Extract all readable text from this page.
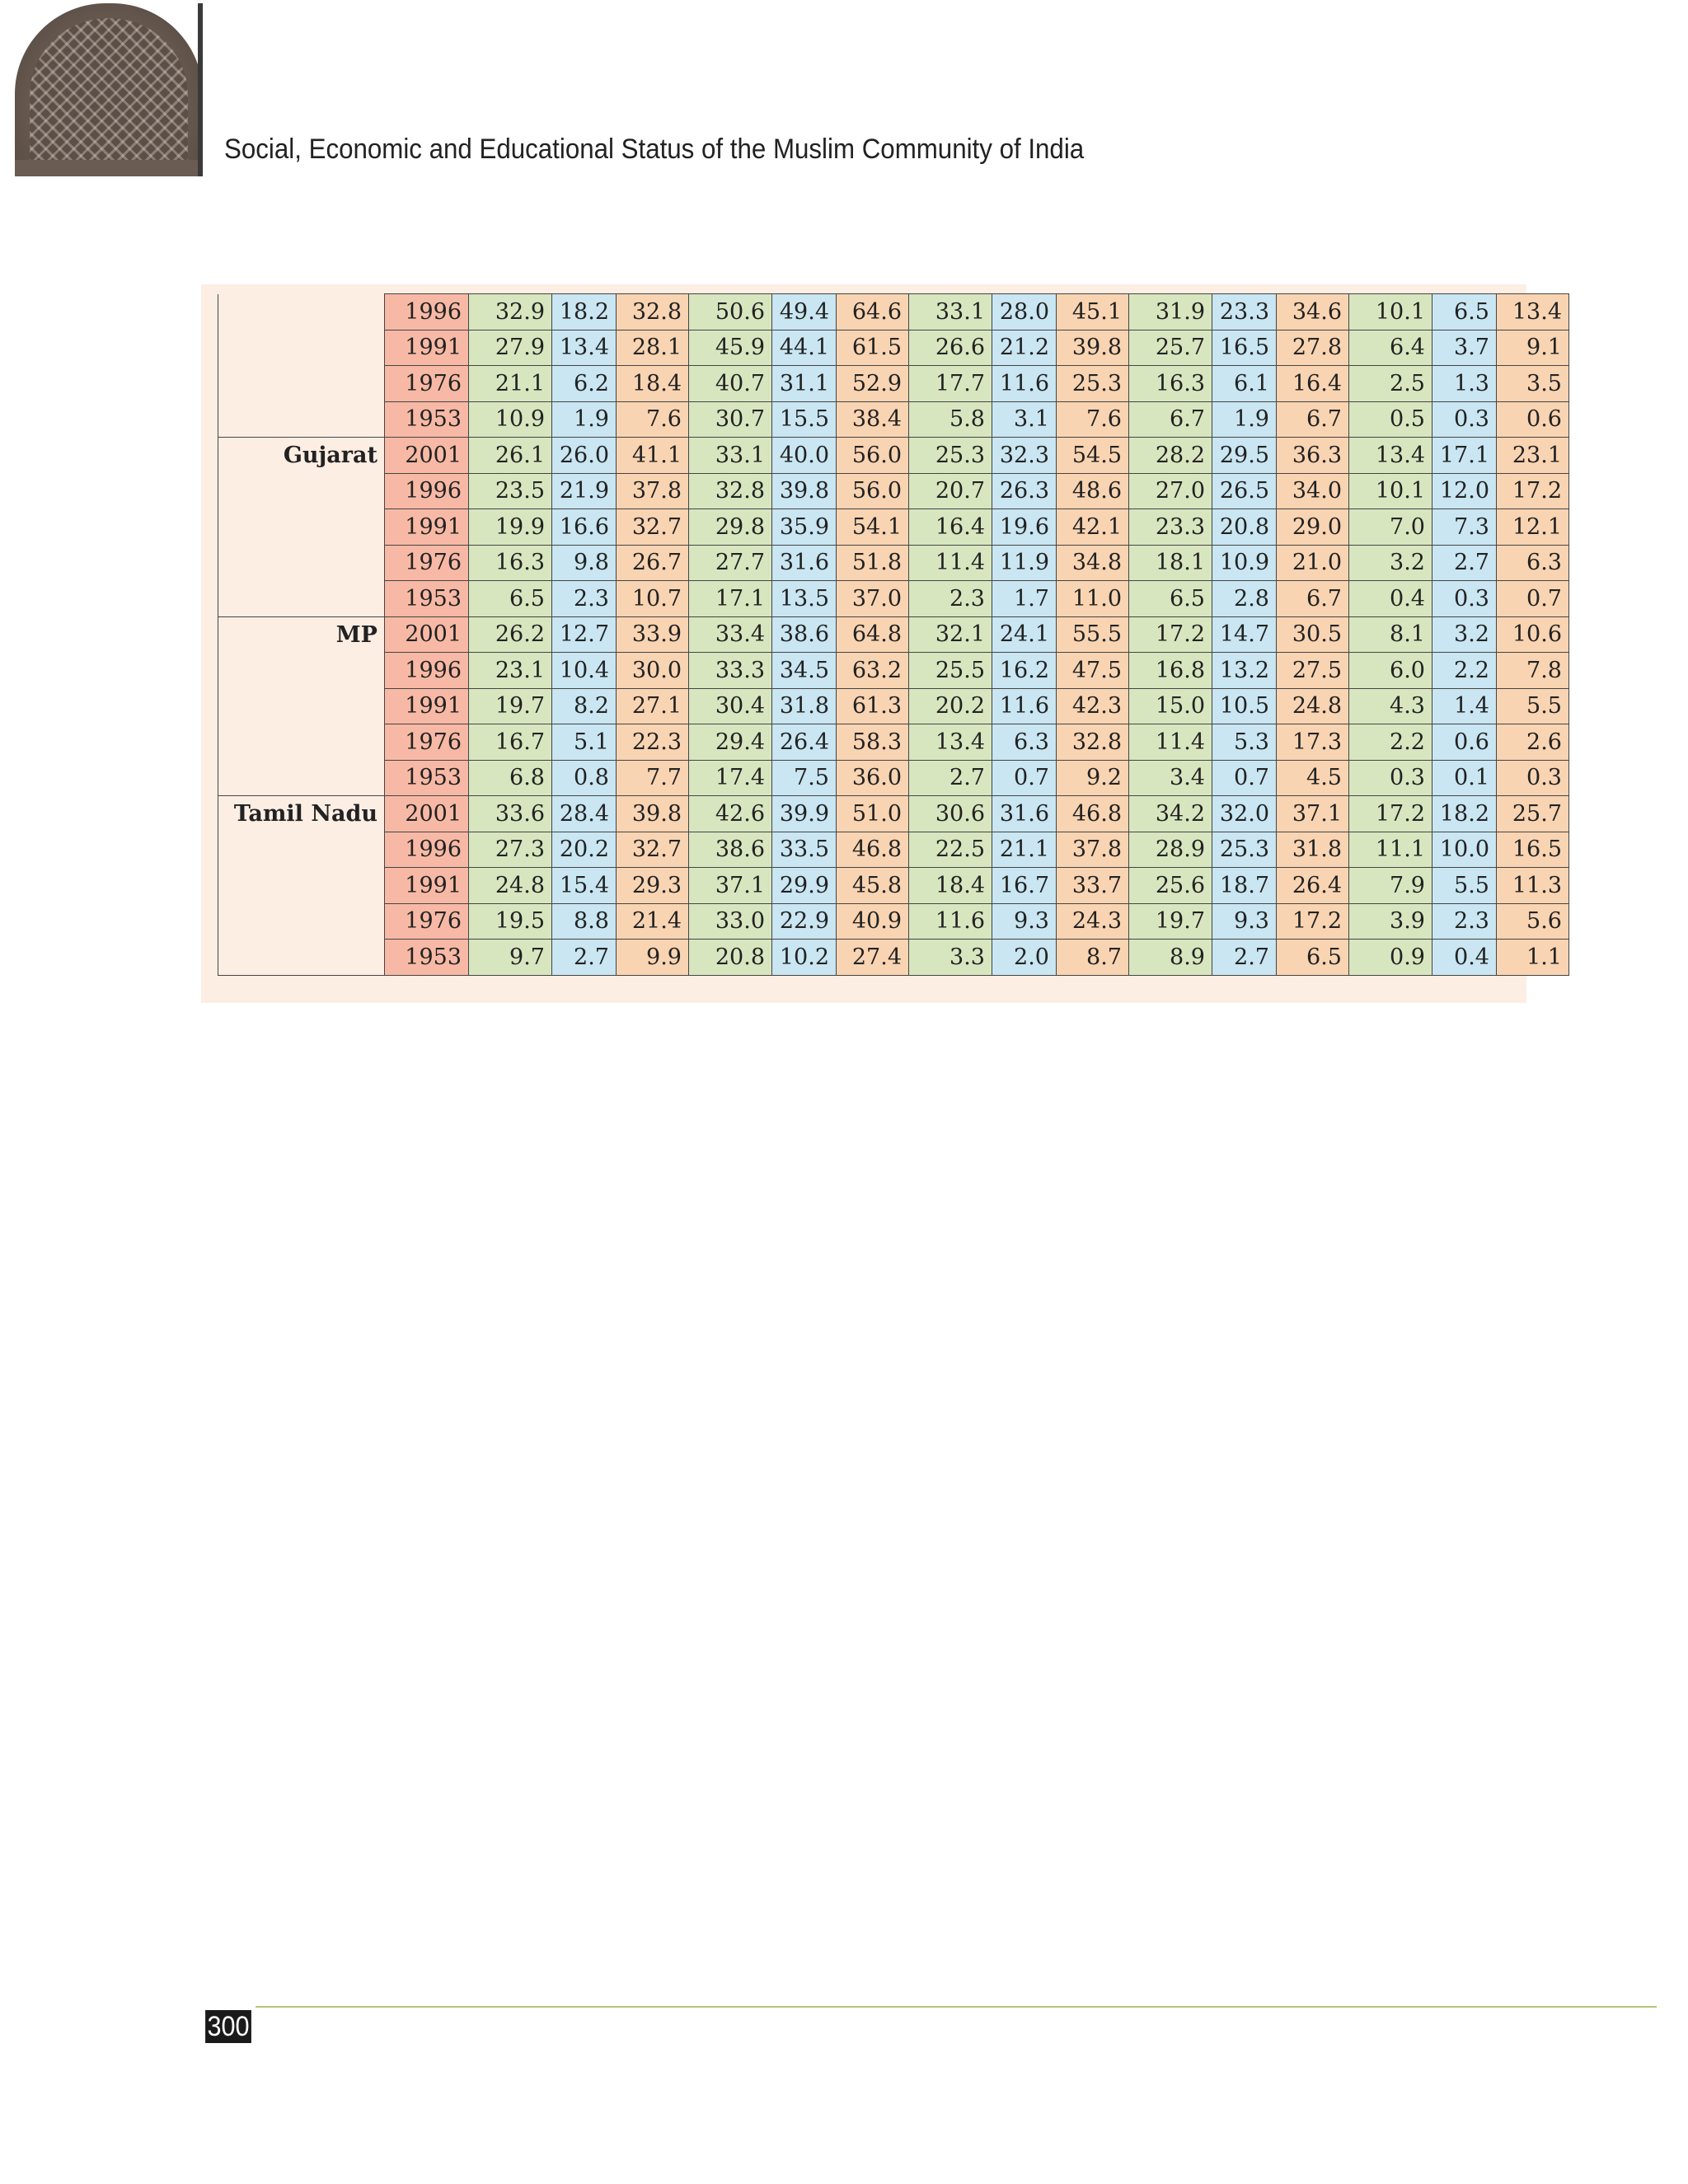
Social, Economic and Educational Status of the Muslim Community of India
	1996	32.9	18.2	32.8	50.6	49.4	64.6	33.1	28.0	45.1	31.9	23.3	34.6	10.1	6.5	13.4
	1991	27.9	13.4	28.1	45.9	44.1	61.5	26.6	21.2	39.8	25.7	16.5	27.8	6.4	3.7	9.1
	1976	21.1	6.2	18.4	40.7	31.1	52.9	17.7	11.6	25.3	16.3	6.1	16.4	2.5	1.3	3.5
	1953	10.9	1.9	7.6	30.7	15.5	38.4	5.8	3.1	7.6	6.7	1.9	6.7	0.5	0.3	0.6
Gujarat	2001	26.1	26.0	41.1	33.1	40.0	56.0	25.3	32.3	54.5	28.2	29.5	36.3	13.4	17.1	23.1
	1996	23.5	21.9	37.8	32.8	39.8	56.0	20.7	26.3	48.6	27.0	26.5	34.0	10.1	12.0	17.2
	1991	19.9	16.6	32.7	29.8	35.9	54.1	16.4	19.6	42.1	23.3	20.8	29.0	7.0	7.3	12.1
	1976	16.3	9.8	26.7	27.7	31.6	51.8	11.4	11.9	34.8	18.1	10.9	21.0	3.2	2.7	6.3
	1953	6.5	2.3	10.7	17.1	13.5	37.0	2.3	1.7	11.0	6.5	2.8	6.7	0.4	0.3	0.7
MP	2001	26.2	12.7	33.9	33.4	38.6	64.8	32.1	24.1	55.5	17.2	14.7	30.5	8.1	3.2	10.6
	1996	23.1	10.4	30.0	33.3	34.5	63.2	25.5	16.2	47.5	16.8	13.2	27.5	6.0	2.2	7.8
	1991	19.7	8.2	27.1	30.4	31.8	61.3	20.2	11.6	42.3	15.0	10.5	24.8	4.3	1.4	5.5
	1976	16.7	5.1	22.3	29.4	26.4	58.3	13.4	6.3	32.8	11.4	5.3	17.3	2.2	0.6	2.6
	1953	6.8	0.8	7.7	17.4	7.5	36.0	2.7	0.7	9.2	3.4	0.7	4.5	0.3	0.1	0.3
Tamil Nadu	2001	33.6	28.4	39.8	42.6	39.9	51.0	30.6	31.6	46.8	34.2	32.0	37.1	17.2	18.2	25.7
	1996	27.3	20.2	32.7	38.6	33.5	46.8	22.5	21.1	37.8	28.9	25.3	31.8	11.1	10.0	16.5
	1991	24.8	15.4	29.3	37.1	29.9	45.8	18.4	16.7	33.7	25.6	18.7	26.4	7.9	5.5	11.3
	1976	19.5	8.8	21.4	33.0	22.9	40.9	11.6	9.3	24.3	19.7	9.3	17.2	3.9	2.3	5.6
	1953	9.7	2.7	9.9	20.8	10.2	27.4	3.3	2.0	8.7	8.9	2.7	6.5	0.9	0.4	1.1
300
